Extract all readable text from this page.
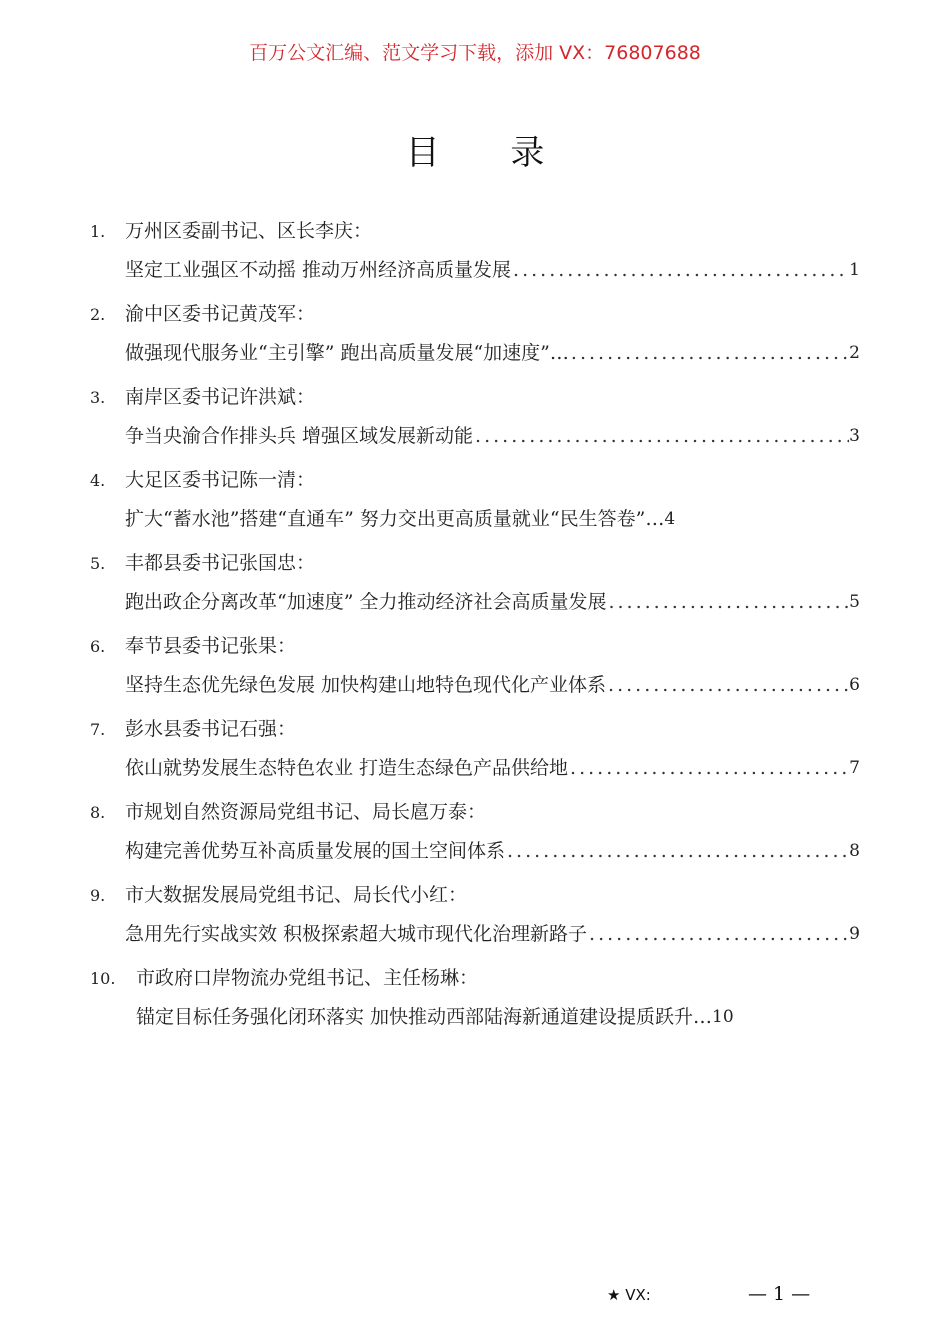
百万公文汇编、范文学习下载，添加 VX：76807688
目 录
1. 万州区委副书记、区长李庆：
坚定工业强区不动摇 推动万州经济高质量发展 .....	1
2. 渝中区委书记黄茂军：
做强现代服务业“主引擎” 跑出高质量发展“加速度”… .....	2
3. 南岸区委书记许洪斌：
争当央渝合作排头兵 增强区域发展新动能 .....	3
4. 大足区委书记陈一清：
扩大“蓄水池”搭建“直通车” 努力交出更高质量就业“民生答卷”… 4
5. 丰都县委书记张国忠：
跑出政企分离改革“加速度” 全力推动经济社会高质量发展 .....	5
6. 奉节县委书记张果：
坚持生态优先绿色发展 加快构建山地特色现代化产业体系 .....	6
7. 彭水县委书记石强：
依山就势发展生态特色农业 打造生态绿色产品供给地 .....	7
8. 市规划自然资源局党组书记、局长扈万泰：
构建完善优势互补高质量发展的国土空间体系 .....	8
9. 市大数据发展局党组书记、局长代小红：
急用先行实战实效 积极探索超大城市现代化治理新路子 .....	9
10. 市政府口岸物流办党组书记、主任杨琳：
锚定目标任务强化闭环落实 加快推动西部陆海新通道建设提质跃升… 10
★ VX:	— 1 —
